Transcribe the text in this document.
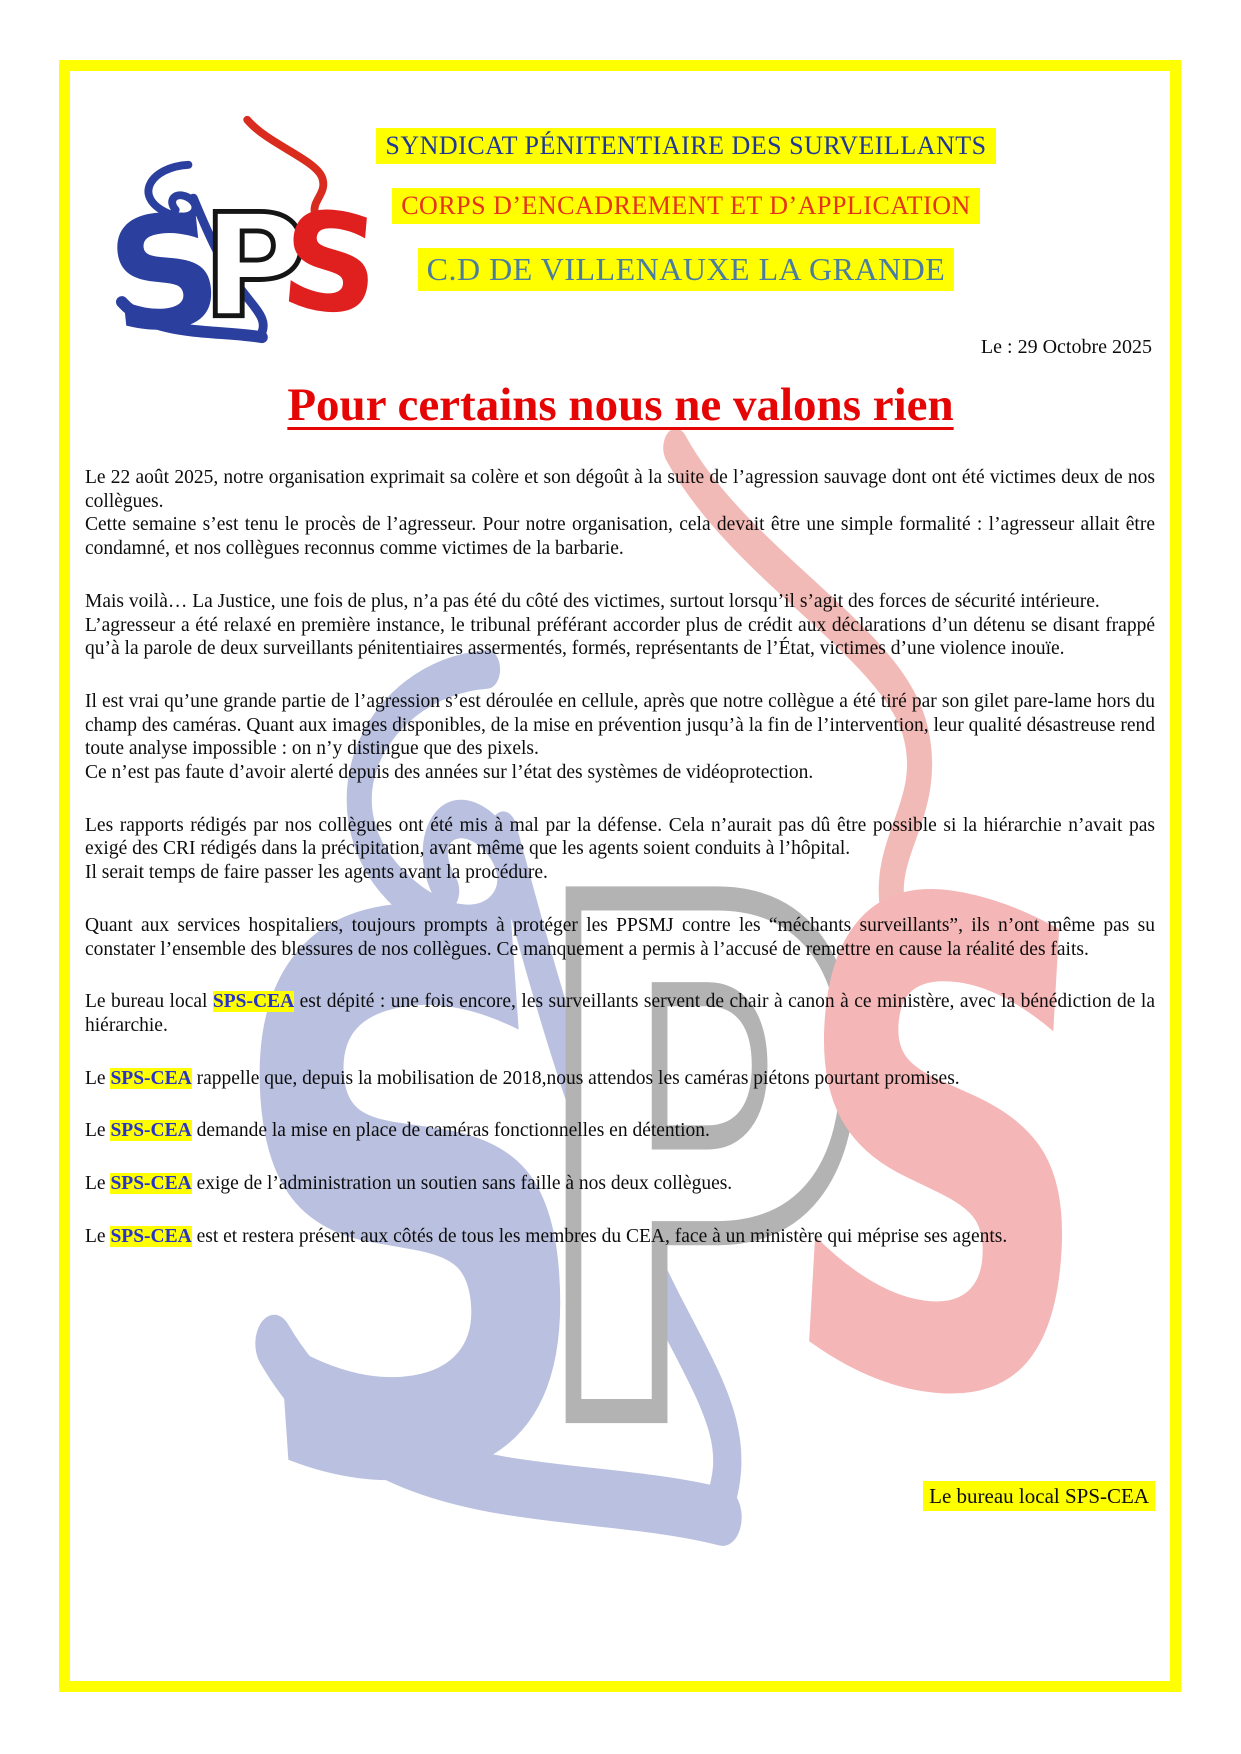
SYNDICAT PÉNITENTIAIRE DES SURVEILLANTS
CORPS D’ENCADREMENT ET D’APPLICATION
C.D DE VILLENAUXE LA GRANDE
Le : 29 Octobre 2025
Pour certains nous ne valons rien

Le 22 août 2025, notre organisation exprimait sa colère et son dégoût à la suite de l’agression sauvage dont ont été victimes deux de nos collègues.

Cette semaine s’est tenu le procès de l’agresseur. Pour notre organisation, cela devait être une simple formalité : l’agresseur allait être condamné, et nos collègues reconnus comme victimes de la barbarie.

Mais voilà… La Justice, une fois de plus, n’a pas été du côté des victimes, surtout lorsqu’il s’agit des forces de sécurité intérieure.

L’agresseur a été relaxé en première instance, le tribunal préférant accorder plus de crédit aux déclarations d’un détenu se disant frappé qu’à la parole de deux surveillants pénitentiaires assermentés, formés, représentants de l’État, victimes d’une violence inouïe.

Il est vrai qu’une grande partie de l’agression s’est déroulée en cellule, après que notre collègue a été tiré par son gilet pare-lame hors du champ des caméras. Quant aux images disponibles, de la mise en prévention jusqu’à la fin de l’intervention, leur qualité désastreuse rend toute analyse impossible : on n’y distingue que des pixels.

Ce n’est pas faute d’avoir alerté depuis des années sur l’état des systèmes de vidéoprotection.

Les rapports rédigés par nos collègues ont été mis à mal par la défense. Cela n’aurait pas dû être possible si la hiérarchie n’avait pas exigé des CRI rédigés dans la précipitation, avant même que les agents soient conduits à l’hôpital.

Il serait temps de faire passer les agents avant la procédure.

Quant aux services hospitaliers, toujours prompts à protéger les PPSMJ contre les “méchants surveillants”, ils n’ont même pas su constater l’ensemble des blessures de nos collègues. Ce manquement a permis à l’accusé de remettre en cause la réalité des faits.

Le bureau local SPS-CEA est dépité : une fois encore, les surveillants servent de chair à canon à ce ministère, avec la bénédiction de la hiérarchie.

Le SPS-CEA rappelle que, depuis la mobilisation de 2018,nous attendos les caméras piétons pourtant promises.

Le SPS-CEA demande la mise en place de caméras fonctionnelles en détention.

Le SPS-CEA exige de l’administration un soutien sans faille à nos deux collègues.

Le SPS-CEA est et restera présent aux côtés de tous les membres du CEA, face à un ministère qui méprise ses agents.

Le bureau local SPS-CEA
